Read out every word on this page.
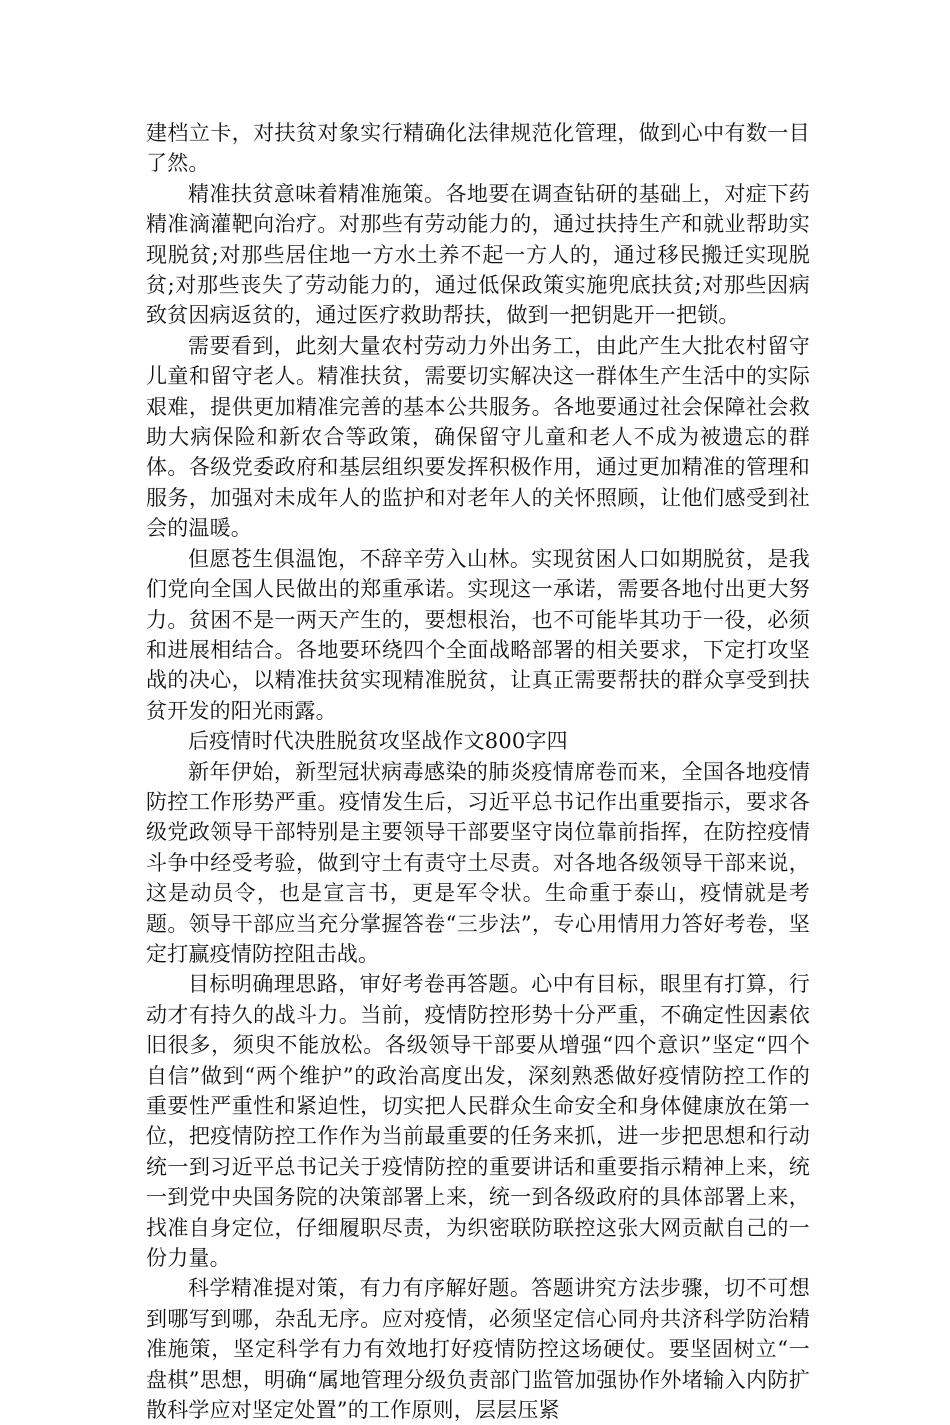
建档立卡，对扶贫对象实行精确化法律规范化管理，做到心中有数一目了然。

精准扶贫意味着精准施策。各地要在调查钻研的基础上，对症下药精准滴灌靶向治疗。对那些有劳动能力的，通过扶持生产和就业帮助实现脱贫;对那些居住地一方水土养不起一方人的，通过移民搬迁实现脱贫;对那些丧失了劳动能力的，通过低保政策实施兜底扶贫;对那些因病致贫因病返贫的，通过医疗救助帮扶，做到一把钥匙开一把锁。

需要看到，此刻大量农村劳动力外出务工，由此产生大批农村留守儿童和留守老人。精准扶贫，需要切实解决这一群体生产生活中的实际艰难，提供更加精准完善的基本公共服务。各地要通过社会保障社会救助大病保险和新农合等政策，确保留守儿童和老人不成为被遗忘的群体。各级党委政府和基层组织要发挥积极作用，通过更加精准的管理和服务，加强对未成年人的监护和对老年人的关怀照顾，让他们感受到社会的温暖。

但愿苍生俱温饱，不辞辛劳入山林。实现贫困人口如期脱贫，是我们党向全国人民做出的郑重承诺。实现这一承诺，需要各地付出更大努力。贫困不是一两天产生的，要想根治，也不可能毕其功于一役，必须和进展相结合。各地要环绕四个全面战略部署的相关要求，下定打攻坚战的决心，以精准扶贫实现精准脱贫，让真正需要帮扶的群众享受到扶贫开发的阳光雨露。

后疫情时代决胜脱贫攻坚战作文800字四

新年伊始，新型冠状病毒感染的肺炎疫情席卷而来，全国各地疫情防控工作形势严重。疫情发生后，习近平总书记作出重要指示，要求各级党政领导干部特别是主要领导干部要坚守岗位靠前指挥，在防控疫情斗争中经受考验，做到守土有责守土尽责。对各地各级领导干部来说，这是动员令，也是宣言书，更是军令状。生命重于泰山，疫情就是考题。领导干部应当充分掌握答卷“三步法”，专心用情用力答好考卷，坚定打赢疫情防控阻击战。

目标明确理思路，审好考卷再答题。心中有目标，眼里有打算，行动才有持久的战斗力。当前，疫情防控形势十分严重，不确定性因素依旧很多，须臾不能放松。各级领导干部要从增强“四个意识”坚定“四个自信”做到“两个维护”的政治高度出发，深刻熟悉做好疫情防控工作的重要性严重性和紧迫性，切实把人民群众生命安全和身体健康放在第一位，把疫情防控工作作为当前最重要的任务来抓，进一步把思想和行动统一到习近平总书记关于疫情防控的重要讲话和重要指示精神上来，统一到党中央国务院的决策部署上来，统一到各级政府的具体部署上来，找准自身定位，仔细履职尽责，为织密联防联控这张大网贡献自己的一份力量。

科学精准提对策，有力有序解好题。答题讲究方法步骤，切不可想到哪写到哪，杂乱无序。应对疫情，必须坚定信心同舟共济科学防治精准施策，坚定科学有力有效地打好疫情防控这场硬仗。要坚固树立“一盘棋”思想，明确“属地管理分级负责部门监管加强协作外堵输入内防扩散科学应对坚定处置”的工作原则，层层压紧
